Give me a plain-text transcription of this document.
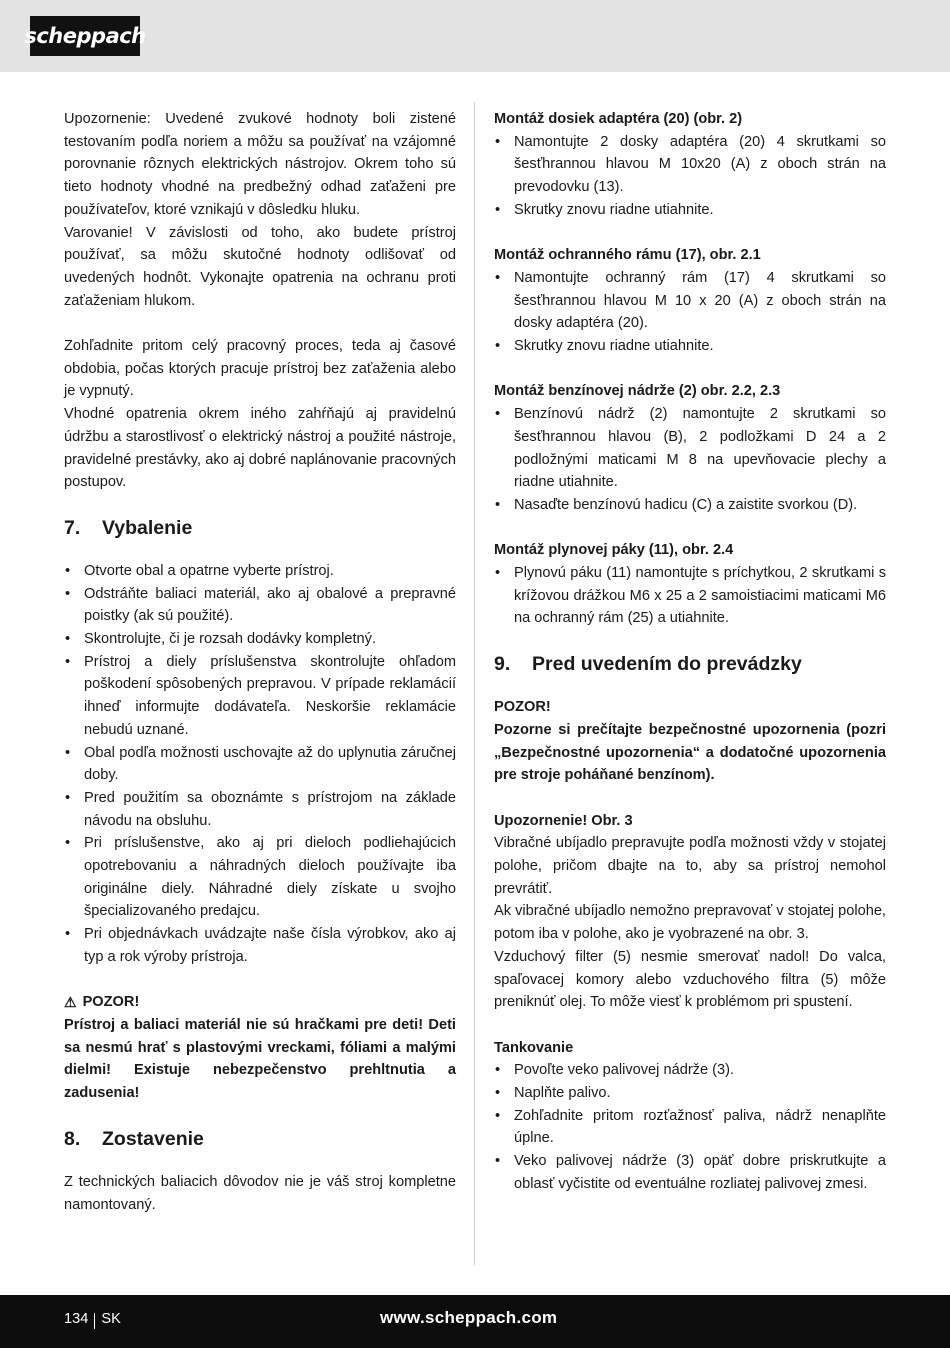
scheppach

Upozornenie: Uvedené zvukové hodnoty boli zistené testovaním podľa noriem a môžu sa používať na vzájomné porovnanie rôznych elektrických nástrojov. Okrem toho sú tieto hodnoty vhodné na predbežný odhad zaťaženi pre používateľov, ktoré vznikajú v dôsledku hluku.

Varovanie! V závislosti od toho, ako budete prístroj používať, sa môžu skutočné hodnoty odlišovať od uvedených hodnôt. Vykonajte opatrenia na ochranu proti zaťaženiam hlukom.

Zohľadnite pritom celý pracovný proces, teda aj časové obdobia, počas ktorých pracuje prístroj bez zaťaženia alebo je vypnutý.

Vhodné opatrenia okrem iného zahŕňajú aj pravidelnú údržbu a starostlivosť o elektrický nástroj a použité nástroje, pravidelné prestávky, ako aj dobré naplánovanie pracovných postupov.

7.	Vybalenie
• Otvorte obal a opatrne vyberte prístroj.
• Odstráňte baliaci materiál, ako aj obalové a prepravné poistky (ak sú použité).
• Skontrolujte, či je rozsah dodávky kompletný.
• Prístroj a diely príslušenstva skontrolujte ohľadom poškodení spôsobených prepravou. V prípade reklamácií ihneď informujte dodávateľa. Neskoršie reklamácie nebudú uznané.
• Obal podľa možnosti uschovajte až do uplynutia záručnej doby.
• Pred použitím sa oboznámte s prístrojom na základe návodu na obsluhu.
• Pri príslušenstve, ako aj pri dieloch podliehajúcich opotrebovaniu a náhradných dieloch používajte iba originálne diely. Náhradné diely získate u svojho špecializovaného predajcu.
• Pri objednávkach uvádzajte naše čísla výrobkov, ako aj typ a rok výroby prístroja.
⚠ POZOR!

Prístroj a baliaci materiál nie sú hračkami pre deti! Deti sa nesmú hrať s plastovými vreckami, fóliami a malými dielmi! Existuje nebezpečenstvo prehltnutia a zadusenia!

8.	Zostavenie

Z technických baliacich dôvodov nie je váš stroj kompletne namontovaný.

Montáž dosiek adaptéra (20) (obr. 2)

• Namontujte 2 dosky adaptéra (20) 4 skrutkami so šesťhrannou hlavou M 10x20 (A) z oboch strán na prevodovku (13).
• Skrutky znovu riadne utiahnite.

Montáž ochranného rámu (17), obr. 2.1

• Namontujte ochranný rám (17) 4 skrutkami so šesťhrannou hlavou M 10 x 20 (A) z oboch strán na dosky adaptéra (20).
• Skrutky znovu riadne utiahnite.

Montáž benzínovej nádrže (2) obr. 2.2, 2.3

• Benzínovú nádrž (2) namontujte 2 skrutkami so šesťhrannou hlavou (B), 2 podložkami D 24 a 2 podložnými maticami M 8 na upevňovacie plechy a riadne utiahnite.
• Nasaďte benzínovú hadicu (C) a zaistite svorkou (D).

Montáž plynovej páky (11), obr. 2.4

• Plynovú páku (11) namontujte s príchytkou, 2 skrutkami s krížovou drážkou M6 x 25 a 2 samoistiacimi maticami M6 na ochranný rám (25) a utiahnite.
9.	Pred uvedením do prevádzky

POZOR!

Pozorne si prečítajte bezpečnostné upozornenia (pozri „Bezpečnostné upozornenia“ a dodatočné upozornenia pre stroje poháňané benzínom).

Upozornenie! Obr. 3

Vibračné ubíjadlo prepravujte podľa možnosti vždy v stojatej polohe, pričom dbajte na to, aby sa prístroj nemohol prevrátiť.

Ak vibračné ubíjadlo nemožno prepravovať v stojatej polohe, potom iba v polohe, ako je vyobrazené na obr. 3.

Vzduchový filter (5) nesmie smerovať nadol! Do valca, spaľovacej komory alebo vzduchového filtra (5) môže preniknúť olej. To môže viesť k problémom pri spustení.

Tankovanie

• Povoľte veko palivovej nádrže (3).
• Naplňte palivo.
• Zohľadnite pritom rozťažnosť paliva, nádrž nenaplňte úplne.
• Veko palivovej nádrže (3) opäť dobre priskrutkujte a oblasť vyčistite od eventuálne rozliatej palivovej zmesi.
134 SK	www.scheppach.com
